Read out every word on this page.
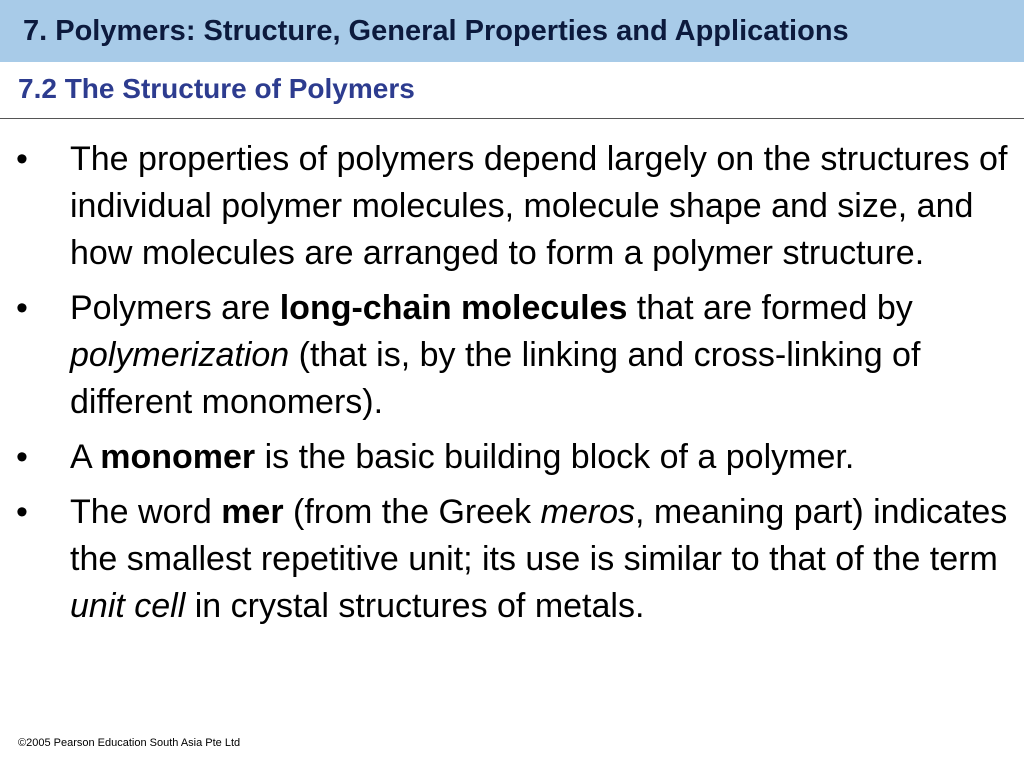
7. Polymers: Structure, General Properties and Applications
7.2 The Structure of Polymers
• The properties of polymers depend largely on the structures of individual polymer molecules, molecule shape and size, and how molecules are arranged to form a polymer structure.
• Polymers are long-chain molecules that are formed by polymerization (that is, by the linking and cross-linking of different monomers).
• A monomer is the basic building block of a polymer.
• The word mer (from the Greek meros, meaning part) indicates the smallest repetitive unit; its use is similar to that of the term unit cell in crystal structures of metals.
©2005 Pearson Education South Asia Pte Ltd
